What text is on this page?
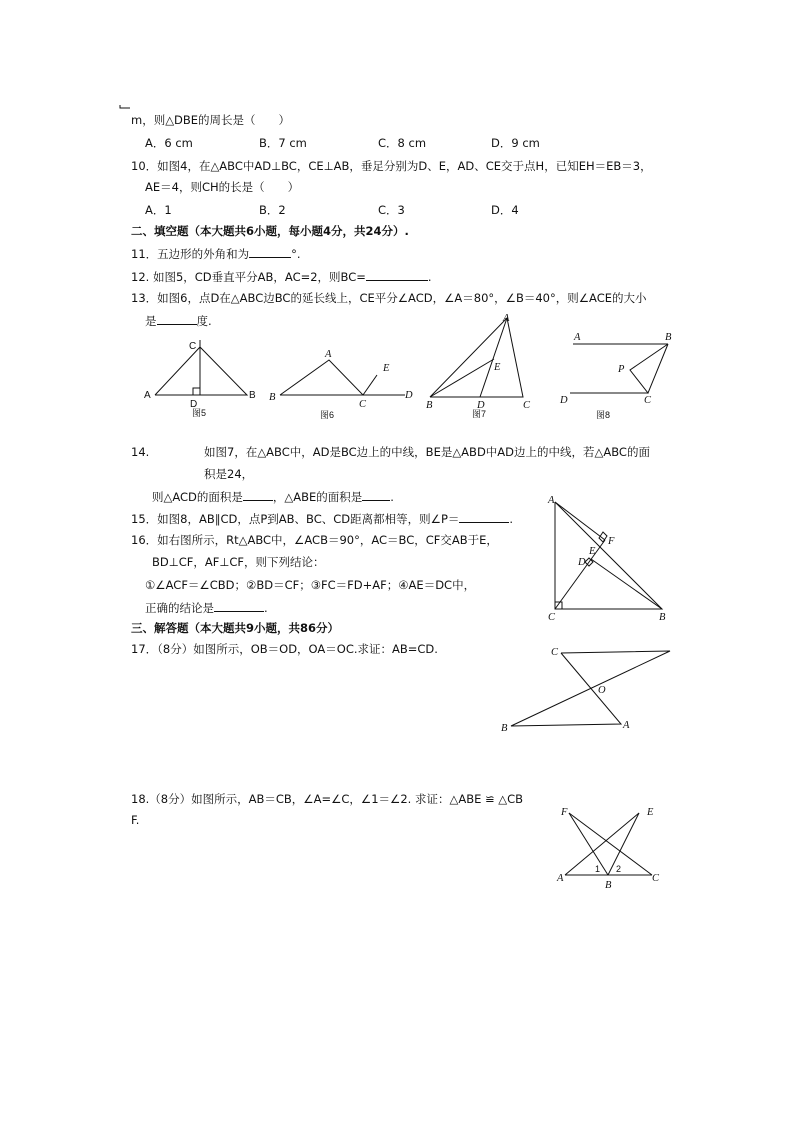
m，则△DBE的周长是（　　）
A．6 cm	B．7 cm	C．8 cm	D．9 cm
10．如图4，在△ABC中AD⊥BC，CE⊥AB，垂足分别为D、E，AD、CE交于点H，已知EH＝EB＝3，
AE＝4，则CH的长是（　　）
A．1	B．2	C．3	D．4
二、填空题（本大题共6小题，每小题4分，共24分）.
11．五边形的外角和为	°.
12. 如图5，CD垂直平分AB，AC=2，则BC=	.
13．如图6，点D在△ABC边BC的延长线上，CE平分∠ACD，∠A＝80°，∠B＝40°，则∠ACE的大小
是	度.
C
A	B
D
图5
A
B
C
D
E
图6
A
B	C
D
E
图7
A	B
C
D
P
图8
14.	如图7，在△ABC中，AD是BC边上的中线，BE是△ABD中AD边上的中线，若△ABC的面
积是24，
则△ACD的面积是	，△ABE的面积是 .
15．如图8，AB∥CD，点P到AB、BC、CD距离都相等，则∠P＝	.
16．如右图所示，Rt△ABC中，∠ACB＝90°，AC＝BC，CF交AB于E，
BD⊥CF，AF⊥CF，则下列结论：
①∠ACF＝∠CBD；②BD＝CF；③FC＝FD+AF；④AE＝DC中，
正确的结论是	.
A
B
C
D
E
F
三、解答题（本大题共9小题，共86分）
17．（8分）如图所示，OB＝OD，OA＝OC.求证：AB=CD.	C
B	A
O
18.（8分）如图所示，AB＝CB，∠A=∠C，∠1＝∠2. 求证：△ABE ≌ △CB
F.
A
B
C
E
F
1 2
